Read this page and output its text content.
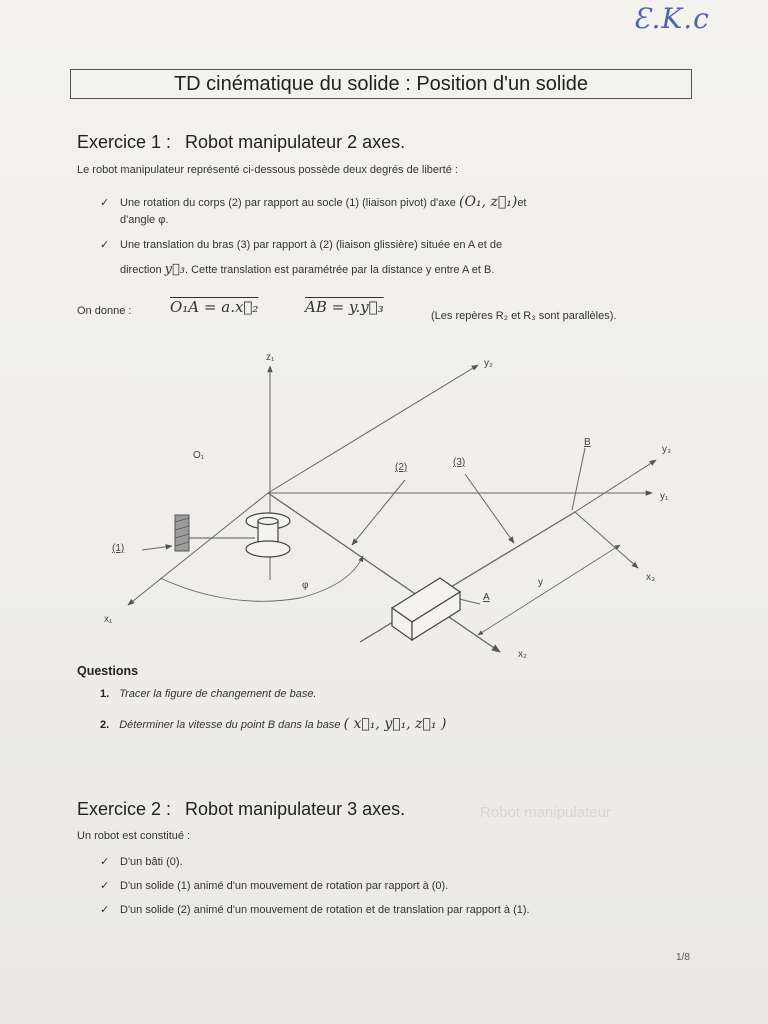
Ɛ.K.c
TD cinématique du solide : Position d'un solide
Exercice 1 : Robot manipulateur 2 axes.
Le robot manipulateur représenté ci-dessous possède deux degrés de liberté :
✓ Une rotation du corps (2) par rapport au socle (1) (liaison pivot) d'axe (O₁, z⃗₁)et
d'angle φ.
✓ Une translation du bras (3) par rapport à (2) (liaison glissière) située en A et de
direction y⃗₃. Cette translation est paramétrée par la distance y entre A et B.
On donne :	O₁A = a.x⃗₂	AB = y.y⃗₃	(Les repères R₂ et R₃ sont parallèles).
z₁
y₂
y₃
y₁
O₁
B
(2)	(3)
(1)
φ
A
y
x₁
x₂
x₃
Questions
1. Tracer la figure de changement de base.
2. Déterminer la vitesse du point B dans la base ( x⃗₁, y⃗₁, z⃗₁ )
Robot manipulateur
Exercice 2 : Robot manipulateur 3 axes.
Un robot est constitué :
✓ D'un bâti (0).
✓ D'un solide (1) animé d'un mouvement de rotation par rapport à (0).
✓ D'un solide (2) animé d'un mouvement de rotation et de translation par rapport à (1).
1/8
